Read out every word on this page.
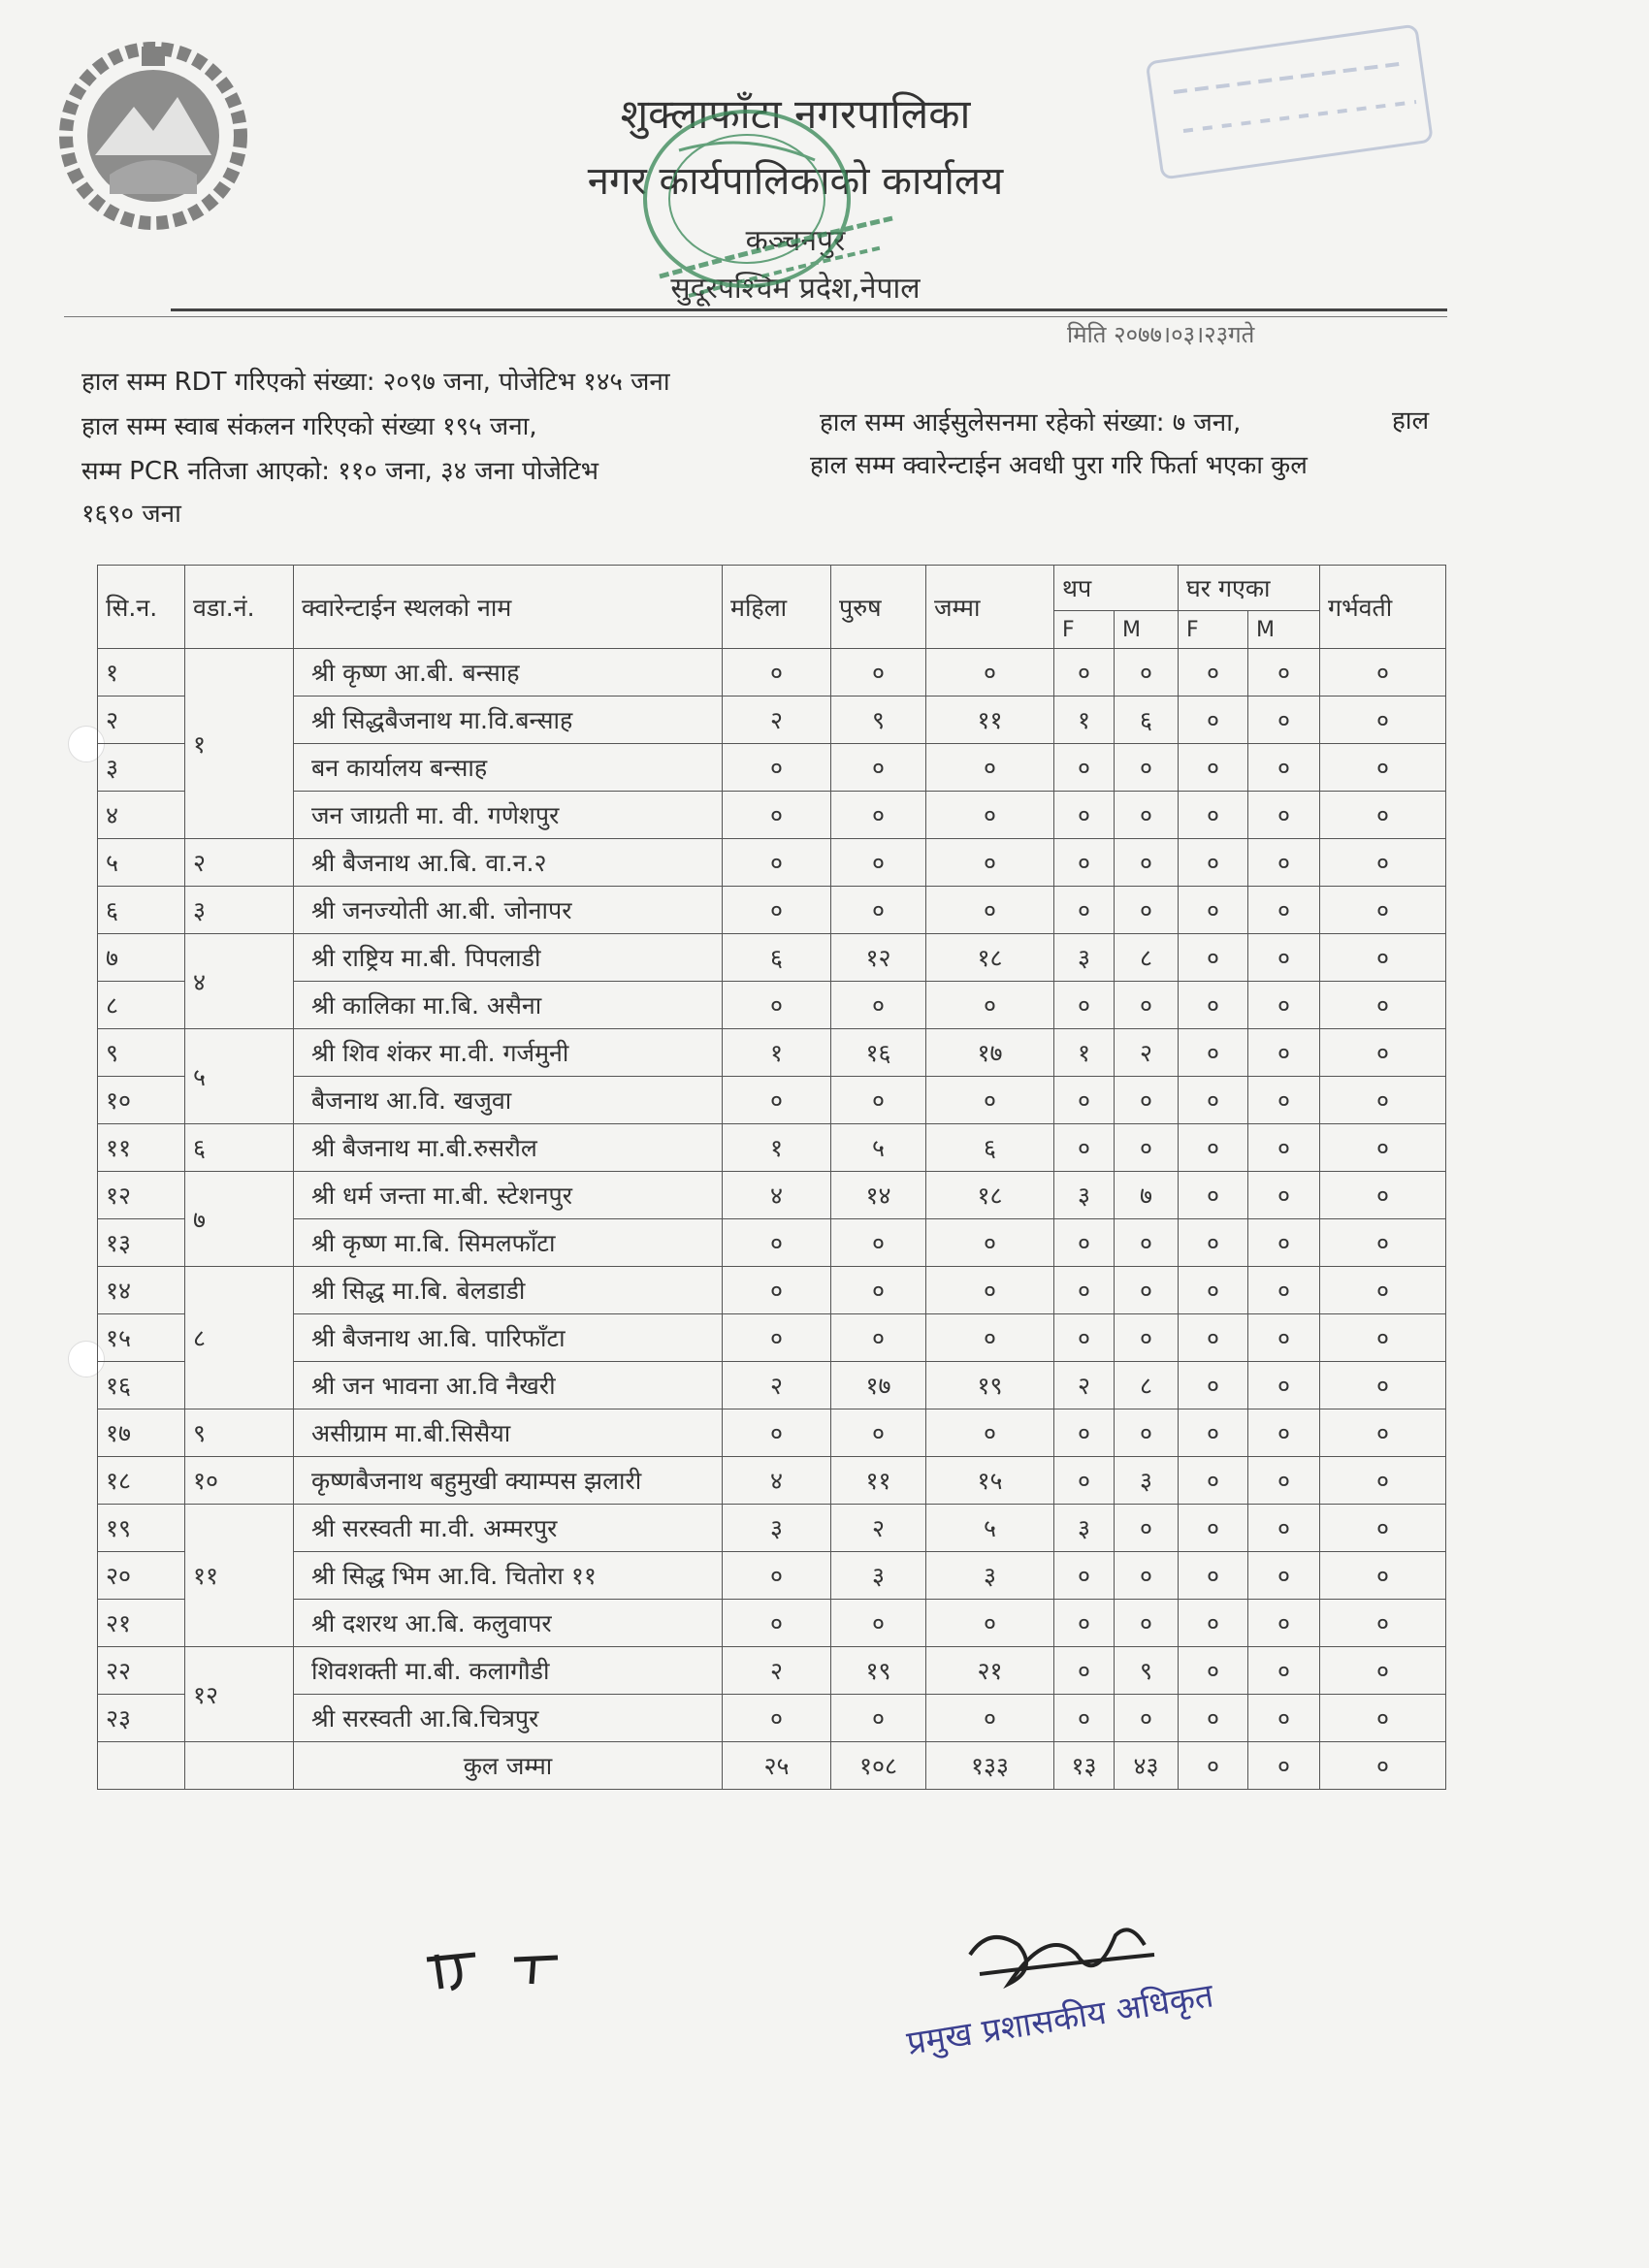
शुक्लाफाँटा नगरपालिका
नगर कार्यपालिकाको कार्यालय
कञ्चनपुर
सुदूरपश्चिम प्रदेश,नेपाल
मिति २०७७।०३।२३गते
हाल सम्म RDT गरिएको संख्या: २०९७ जना, पोजेटिभ १४५ जना
हाल सम्म स्वाब संकलन गरिएको संख्या १९५ जना,	हाल सम्म आईसुलेसनमा रहेको संख्या: ७ जना,	हाल
सम्म PCR नतिजा आएको: ११० जना, ३४ जना पोजेटिभ	हाल सम्म क्वारेन्टाईन अवधी पुरा गरि फिर्ता भएका कुल
१६९० जना
सि.न.	वडा.नं.	क्वारेन्टाईन स्थलको नाम	महिला	पुरुष	जम्मा	थप		घर गएका		गर्भवती
						F	M	F	M	
१	१	श्री कृष्ण आ.बी. बन्साह	०	०	०	०	०	०	०	०
२		श्री सिद्धबैजनाथ मा.वि.बन्साह	२	९	११	१	६	०	०	०
३		बन कार्यालय बन्साह	०	०	०	०	०	०	०	०
४		जन जाग्रती मा. वी. गणेशपुर	०	०	०	०	०	०	०	०
५	२	श्री बैजनाथ आ.बि. वा.न.२	०	०	०	०	०	०	०	०
६	३	श्री जनज्योती आ.बी. जोनापर	०	०	०	०	०	०	०	०
७	४	श्री राष्ट्रिय मा.बी. पिपलाडी	६	१२	१८	३	८	०	०	०
८		श्री कालिका मा.बि. असैना	०	०	०	०	०	०	०	०
९	५	श्री शिव शंकर मा.वी. गर्जमुनी	१	१६	१७	१	२	०	०	०
१०		बैजनाथ आ.वि. खजुवा	०	०	०	०	०	०	०	०
११	६	श्री बैजनाथ मा.बी.रुसरौल	१	५	६	०	०	०	०	०
१२	७	श्री धर्म जन्ता मा.बी. स्टेशनपुर	४	१४	१८	३	७	०	०	०
१३		श्री कृष्ण मा.बि. सिमलफाँटा	०	०	०	०	०	०	०	०
१४	८	श्री सिद्ध मा.बि. बेलडाडी	०	०	०	०	०	०	०	०
१५		श्री बैजनाथ आ.बि. पारिफाँटा	०	०	०	०	०	०	०	०
१६		श्री जन भावना आ.वि नैखरी	२	१७	१९	२	८	०	०	०
१७	९	असीग्राम मा.बी.सिसैया	०	०	०	०	०	०	०	०
१८	१०	कृष्णबैजनाथ बहुमुखी क्याम्पस झलारी	४	११	१५	०	३	०	०	०
१९	११	श्री सरस्वती मा.वी. अम्मरपुर	३	२	५	३	०	०	०	०
२०		श्री सिद्ध भिम आ.वि. चितोरा ११	०	३	३	०	०	०	०	०
२१		श्री दशरथ आ.बि. कलुवापर	०	०	०	०	०	०	०	०
२२	१२	शिवशक्ती मा.बी. कलागौडी	२	१९	२१	०	९	०	०	०
२३		श्री सरस्वती आ.बि.चित्रपुर	०	०	०	०	०	०	०	०
		कुल जम्मा	२५	१०८	१३३	१३	४३	०	०	०
प्रमुख प्रशासकीय अधिकृत
